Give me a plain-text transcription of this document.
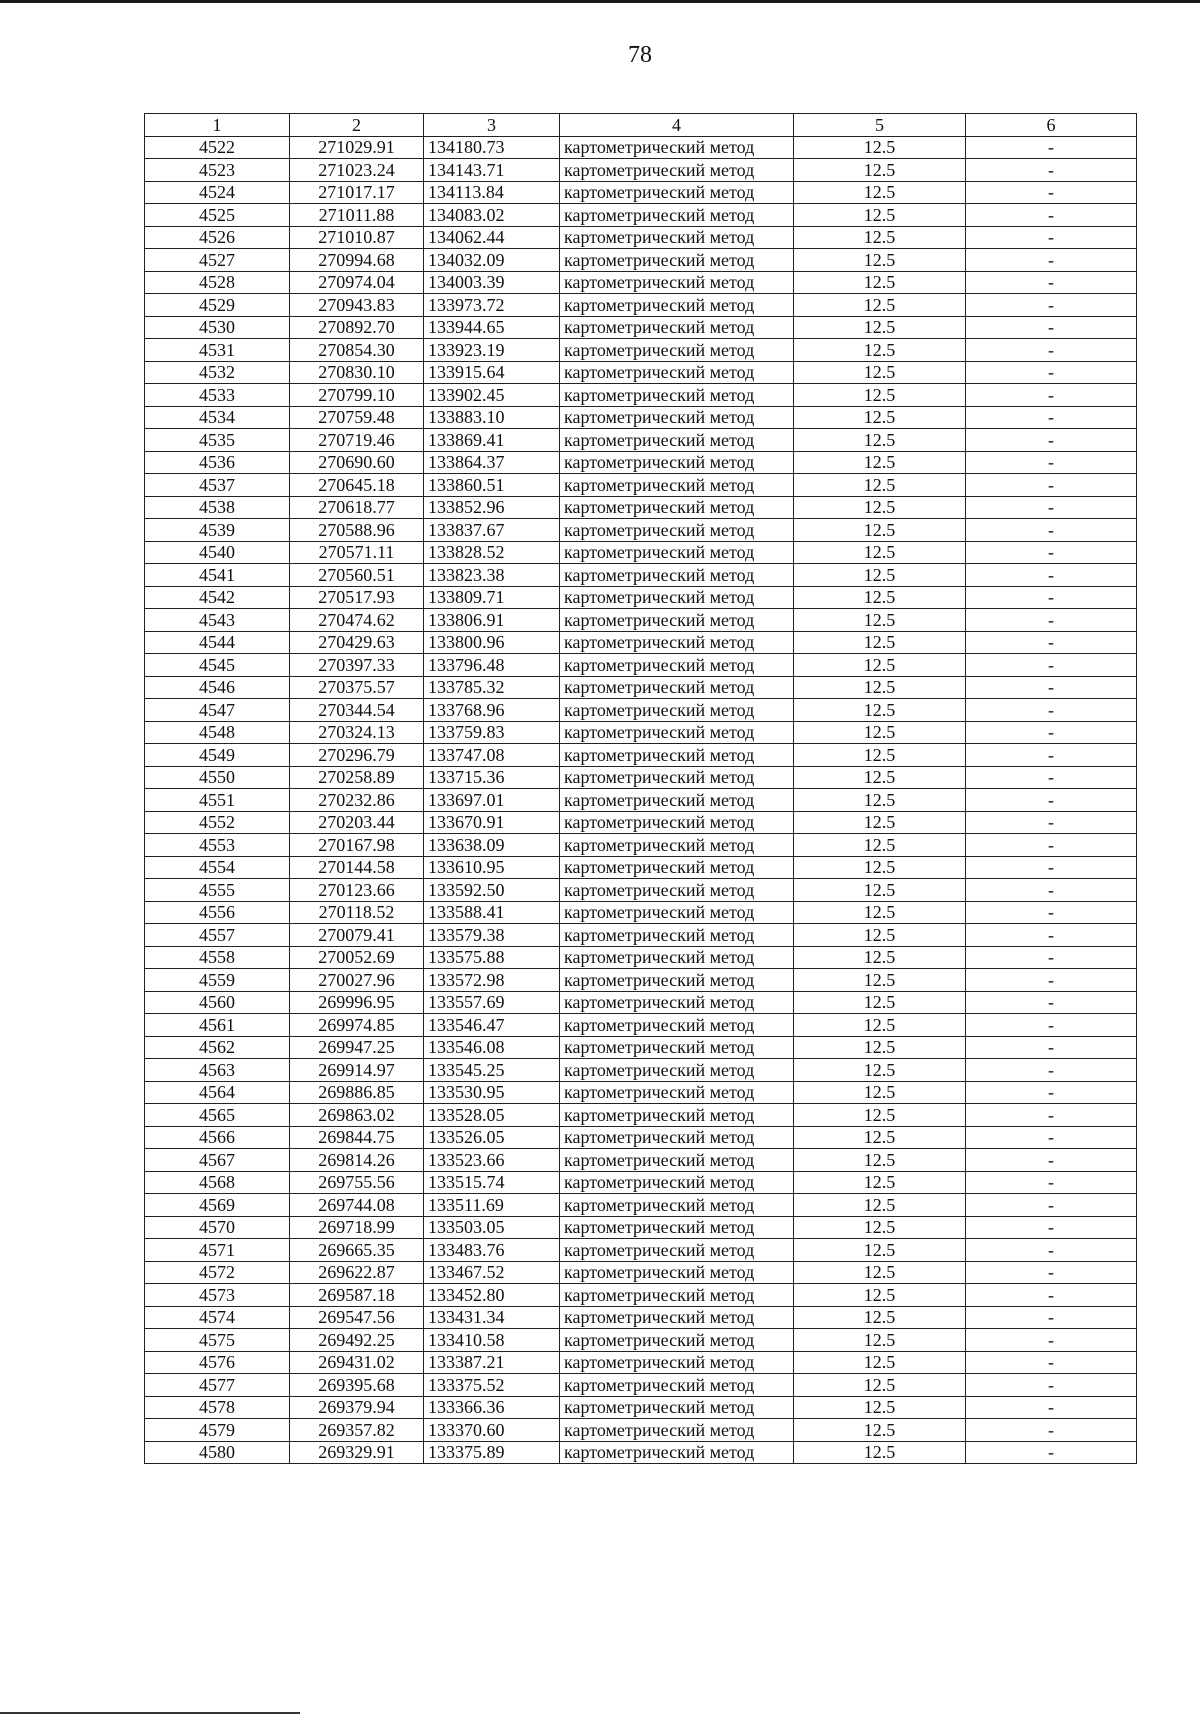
78
1	2	3	4	5	6
4522	271029.91	134180.73	картометрический метод	12.5	-
4523	271023.24	134143.71	картометрический метод	12.5	-
4524	271017.17	134113.84	картометрический метод	12.5	-
4525	271011.88	134083.02	картометрический метод	12.5	-
4526	271010.87	134062.44	картометрический метод	12.5	-
4527	270994.68	134032.09	картометрический метод	12.5	-
4528	270974.04	134003.39	картометрический метод	12.5	-
4529	270943.83	133973.72	картометрический метод	12.5	-
4530	270892.70	133944.65	картометрический метод	12.5	-
4531	270854.30	133923.19	картометрический метод	12.5	-
4532	270830.10	133915.64	картометрический метод	12.5	-
4533	270799.10	133902.45	картометрический метод	12.5	-
4534	270759.48	133883.10	картометрический метод	12.5	-
4535	270719.46	133869.41	картометрический метод	12.5	-
4536	270690.60	133864.37	картометрический метод	12.5	-
4537	270645.18	133860.51	картометрический метод	12.5	-
4538	270618.77	133852.96	картометрический метод	12.5	-
4539	270588.96	133837.67	картометрический метод	12.5	-
4540	270571.11	133828.52	картометрический метод	12.5	-
4541	270560.51	133823.38	картометрический метод	12.5	-
4542	270517.93	133809.71	картометрический метод	12.5	-
4543	270474.62	133806.91	картометрический метод	12.5	-
4544	270429.63	133800.96	картометрический метод	12.5	-
4545	270397.33	133796.48	картометрический метод	12.5	-
4546	270375.57	133785.32	картометрический метод	12.5	-
4547	270344.54	133768.96	картометрический метод	12.5	-
4548	270324.13	133759.83	картометрический метод	12.5	-
4549	270296.79	133747.08	картометрический метод	12.5	-
4550	270258.89	133715.36	картометрический метод	12.5	-
4551	270232.86	133697.01	картометрический метод	12.5	-
4552	270203.44	133670.91	картометрический метод	12.5	-
4553	270167.98	133638.09	картометрический метод	12.5	-
4554	270144.58	133610.95	картометрический метод	12.5	-
4555	270123.66	133592.50	картометрический метод	12.5	-
4556	270118.52	133588.41	картометрический метод	12.5	-
4557	270079.41	133579.38	картометрический метод	12.5	-
4558	270052.69	133575.88	картометрический метод	12.5	-
4559	270027.96	133572.98	картометрический метод	12.5	-
4560	269996.95	133557.69	картометрический метод	12.5	-
4561	269974.85	133546.47	картометрический метод	12.5	-
4562	269947.25	133546.08	картометрический метод	12.5	-
4563	269914.97	133545.25	картометрический метод	12.5	-
4564	269886.85	133530.95	картометрический метод	12.5	-
4565	269863.02	133528.05	картометрический метод	12.5	-
4566	269844.75	133526.05	картометрический метод	12.5	-
4567	269814.26	133523.66	картометрический метод	12.5	-
4568	269755.56	133515.74	картометрический метод	12.5	-
4569	269744.08	133511.69	картометрический метод	12.5	-
4570	269718.99	133503.05	картометрический метод	12.5	-
4571	269665.35	133483.76	картометрический метод	12.5	-
4572	269622.87	133467.52	картометрический метод	12.5	-
4573	269587.18	133452.80	картометрический метод	12.5	-
4574	269547.56	133431.34	картометрический метод	12.5	-
4575	269492.25	133410.58	картометрический метод	12.5	-
4576	269431.02	133387.21	картометрический метод	12.5	-
4577	269395.68	133375.52	картометрический метод	12.5	-
4578	269379.94	133366.36	картометрический метод	12.5	-
4579	269357.82	133370.60	картометрический метод	12.5	-
4580	269329.91	133375.89	картометрический метод	12.5	-
